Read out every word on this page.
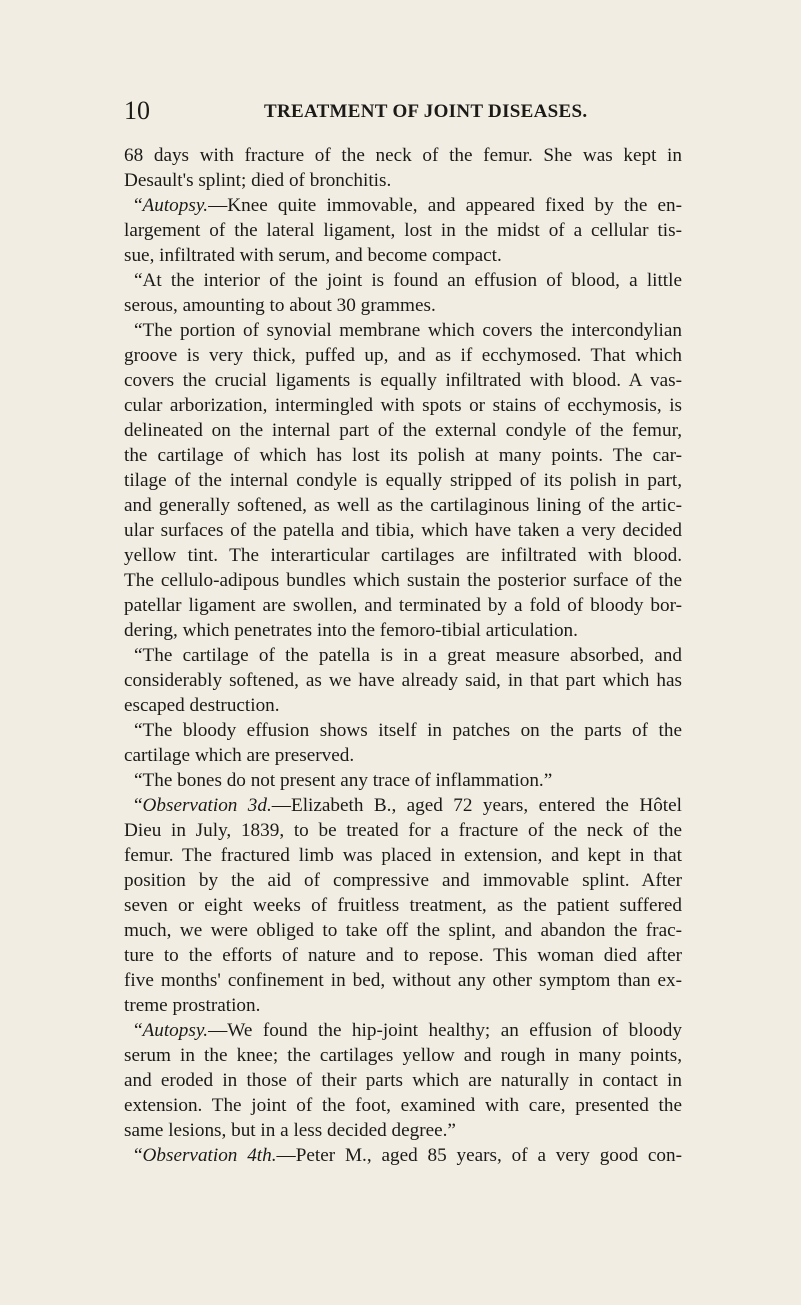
10	TREATMENT OF JOINT DISEASES.
68 days with fracture of the neck of the femur. She was kept in
Desault's splint; died of bronchitis.
“Autopsy.—Knee quite immovable, and appeared fixed by the en-
largement of the lateral ligament, lost in the midst of a cellular tis-
sue, infiltrated with serum, and become compact.
“At the interior of the joint is found an effusion of blood, a little
serous, amounting to about 30 grammes.
“The portion of synovial membrane which covers the intercondylian
groove is very thick, puffed up, and as if ecchymosed. That which
covers the crucial ligaments is equally infiltrated with blood. A vas-
cular arborization, intermingled with spots or stains of ecchymosis, is
delineated on the internal part of the external condyle of the femur,
the cartilage of which has lost its polish at many points. The car-
tilage of the internal condyle is equally stripped of its polish in part,
and generally softened, as well as the cartilaginous lining of the artic-
ular surfaces of the patella and tibia, which have taken a very decided
yellow tint. The interarticular cartilages are infiltrated with blood.
The cellulo-adipous bundles which sustain the posterior surface of the
patellar ligament are swollen, and terminated by a fold of bloody bor-
dering, which penetrates into the femoro-tibial articulation.
“The cartilage of the patella is in a great measure absorbed, and
considerably softened, as we have already said, in that part which has
escaped destruction.
“The bloody effusion shows itself in patches on the parts of the
cartilage which are preserved.
“The bones do not present any trace of inflammation.”
“Observation 3d.—Elizabeth B., aged 72 years, entered the Hôtel
Dieu in July, 1839, to be treated for a fracture of the neck of the
femur. The fractured limb was placed in extension, and kept in that
position by the aid of compressive and immovable splint. After
seven or eight weeks of fruitless treatment, as the patient suffered
much, we were obliged to take off the splint, and abandon the frac-
ture to the efforts of nature and to repose. This woman died after
five months' confinement in bed, without any other symptom than ex-
treme prostration.
“Autopsy.—We found the hip-joint healthy; an effusion of bloody
serum in the knee; the cartilages yellow and rough in many points,
and eroded in those of their parts which are naturally in contact in
extension. The joint of the foot, examined with care, presented the
same lesions, but in a less decided degree.”
“Observation 4th.—Peter M., aged 85 years, of a very good con-
